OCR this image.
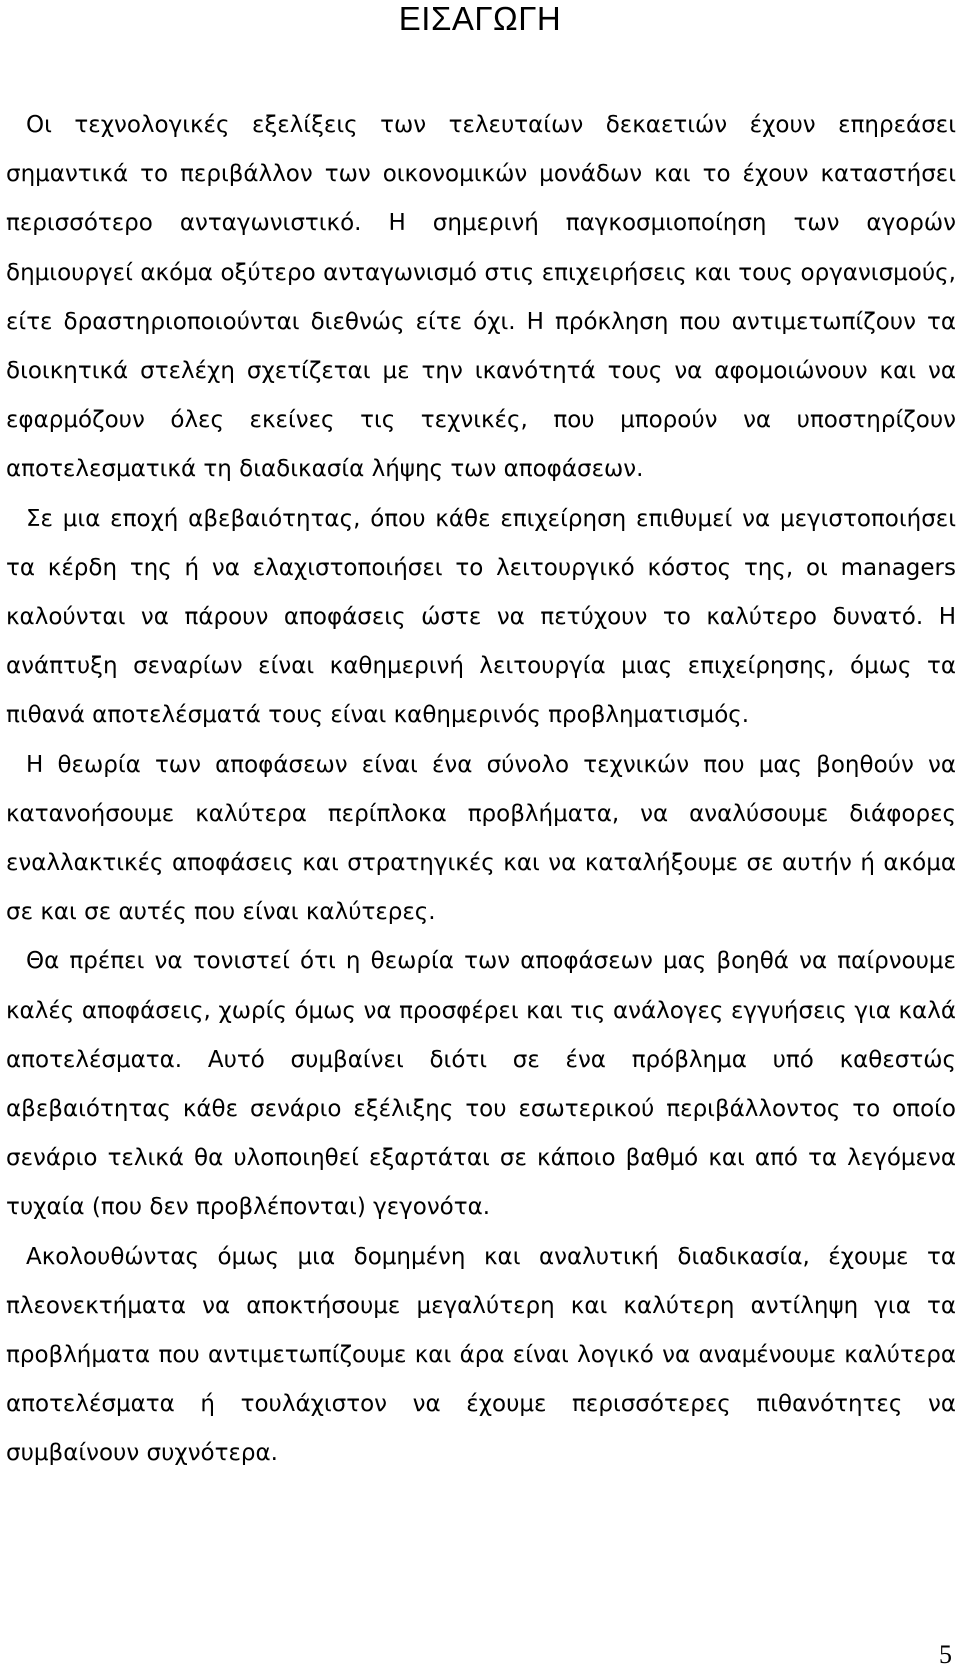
ΕΙΣΑΓΩΓΗ

Οι τεχνολογικές εξελίξεις των τελευταίων δεκαετιών έχουν επηρεάσει σημαντικά το περιβάλλον των οικονομικών μονάδων και το έχουν καταστήσει περισσότερο ανταγωνιστικό. Η σημερινή παγκοσμιοποίηση των αγορών δημιουργεί ακόμα οξύτερο ανταγωνισμό στις επιχειρήσεις και τους οργανισμούς, είτε δραστηριοποιούνται διεθνώς είτε όχι. Η πρόκληση που αντιμετωπίζουν τα διοικητικά στελέχη σχετίζεται με την ικανότητά τους να αφομοιώνουν και να εφαρμόζουν όλες εκείνες τις τεχνικές, που μπορούν να υποστηρίζουν αποτελεσματικά τη διαδικασία λήψης των αποφάσεων.

Σε μια εποχή αβεβαιότητας, όπου κάθε επιχείρηση επιθυμεί να μεγιστοποιήσει τα κέρδη της ή να ελαχιστοποιήσει το λειτουργικό κόστος της, οι managers καλούνται να πάρουν αποφάσεις ώστε να πετύχουν το καλύτερο δυνατό. Η ανάπτυξη σεναρίων είναι καθημερινή λειτουργία μιας επιχείρησης, όμως τα πιθανά αποτελέσματά τους είναι καθημερινός προβληματισμός.

Η θεωρία των αποφάσεων είναι ένα σύνολο τεχνικών που μας βοηθούν να κατανοήσουμε καλύτερα περίπλοκα προβλήματα, να αναλύσουμε διάφορες εναλλακτικές αποφάσεις και στρατηγικές και να καταλήξουμε σε αυτήν ή ακόμα σε και σε αυτές που είναι καλύτερες.

Θα πρέπει να τονιστεί ότι η θεωρία των αποφάσεων μας βοηθά να παίρνουμε καλές αποφάσεις, χωρίς όμως να προσφέρει και τις ανάλογες εγγυήσεις για καλά αποτελέσματα. Αυτό συμβαίνει διότι σε ένα πρόβλημα υπό καθεστώς αβεβαιότητας κάθε σενάριο εξέλιξης του εσωτερικού περιβάλλοντος το οποίο σενάριο τελικά θα υλοποιηθεί εξαρτάται σε κάποιο βαθμό και από τα λεγόμενα τυχαία (που δεν προβλέπονται) γεγονότα.

Ακολουθώντας όμως μια δομημένη και αναλυτική διαδικασία, έχουμε τα πλεονεκτήματα να αποκτήσουμε μεγαλύτερη και καλύτερη αντίληψη για τα προβλήματα που αντιμετωπίζουμε και άρα είναι λογικό να αναμένουμε καλύτερα αποτελέσματα ή τουλάχιστον να έχουμε περισσότερες πιθανότητες να συμβαίνουν συχνότερα.

5
